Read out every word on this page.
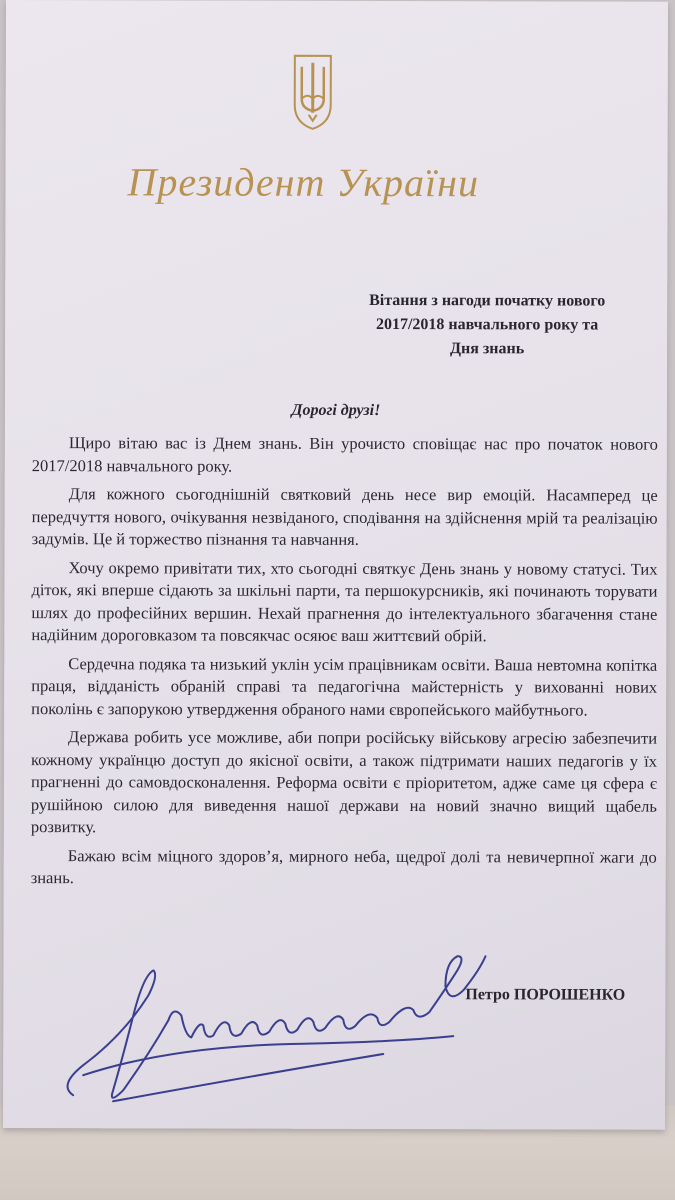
Президент України
Вітання з нагоди початку нового
2017/2018 навчального року та
Дня знань
Дорогі друзі!

Щиро вітаю вас із Днем знань. Він урочисто сповіщає нас про початок нового 2017/2018 навчального року.

Для кожного сьогоднішній святковий день несе вир емоцій. Насамперед це передчуття нового, очікування незвіданого, сподівання на здійснення мрій та реалізацію задумів. Це й торжество пізнання та навчання.

Хочу окремо привітати тих, хто сьогодні святкує День знань у новому статусі. Тих діток, які вперше сідають за шкільні парти, та першокурсників, які починають торувати шлях до професійних вершин. Нехай прагнення до інтелектуального збагачення стане надійним дороговказом та повсякчас осяює ваш життєвий обрій.

Сердечна подяка та низький уклін усім працівникам освіти. Ваша невтомна копітка праця, відданість обраній справі та педагогічна майстерність у вихованні нових поколінь є запорукою утвердження обраного нами європейського майбутнього.

Держава робить усе можливе, аби попри російську військову агресію забезпечити кожному українцю доступ до якісної освіти, а також підтримати наших педагогів у їх прагненні до самовдосконалення. Реформа освіти є пріоритетом, адже саме ця сфера є рушійною силою для виведення нашої держави на новий значно вищий щабель розвитку.

Бажаю всім міцного здоров’я, мирного неба, щедрої долі та невичерпної жаги до знань.

Петро ПОРОШЕНКО
